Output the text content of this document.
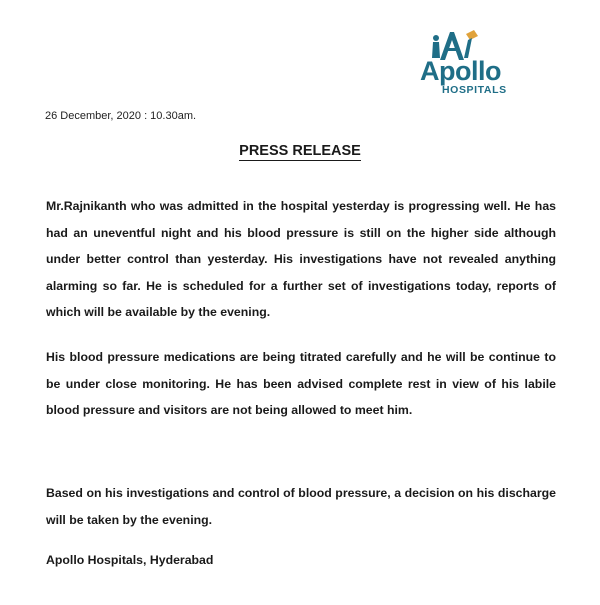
Apollo
HOSPITALS
26 December, 2020 : 10.30am.
PRESS RELEASE

Mr.Rajnikanth who was admitted in the hospital yesterday is progressing well. He has had an uneventful night and his blood pressure is still on the higher side although under better control than yesterday. His investigations have not revealed anything alarming so far. He is scheduled for a further set of investigations today, reports of which will be available by the evening.

His blood pressure medications are being titrated carefully and he will be continue to be under close monitoring. He has been advised complete rest in view of his labile blood pressure and visitors are not being allowed to meet him.

Based on his investigations and control of blood pressure, a decision on his discharge will be taken by the evening.

Apollo Hospitals, Hyderabad
